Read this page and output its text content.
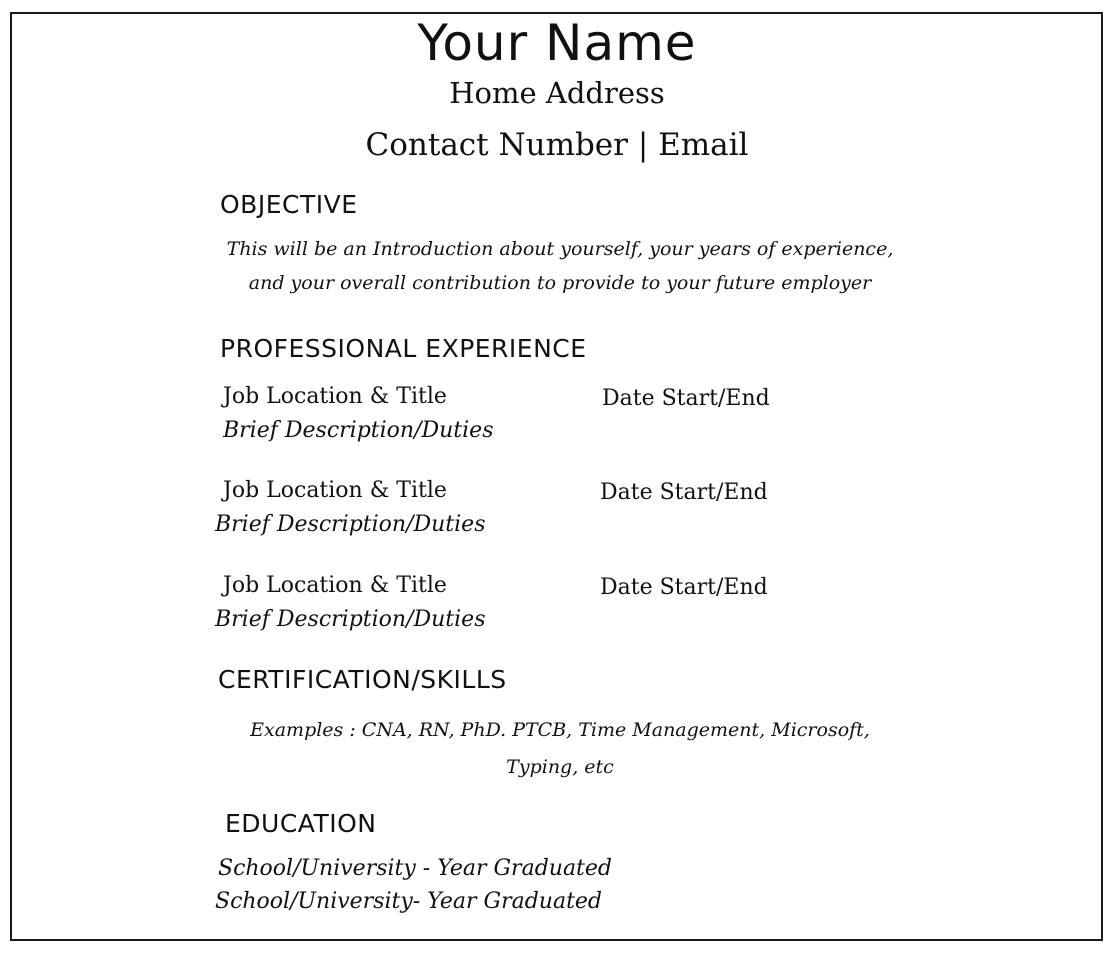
Your Name
Home Address
Contact Number | Email
OBJECTIVE
This will be an Introduction about yourself, your years of experience,
and your overall contribution to provide to your future employer
PROFESSIONAL EXPERIENCE
Job Location & Title	Date Start/End
Brief Description/Duties
Job Location & Title	Date Start/End
Brief Description/Duties
Job Location & Title	Date Start/End
Brief Description/Duties
CERTIFICATION/SKILLS
Examples : CNA, RN, PhD. PTCB, Time Management, Microsoft,
Typing, etc
EDUCATION
School/University - Year Graduated
School/University- Year Graduated
